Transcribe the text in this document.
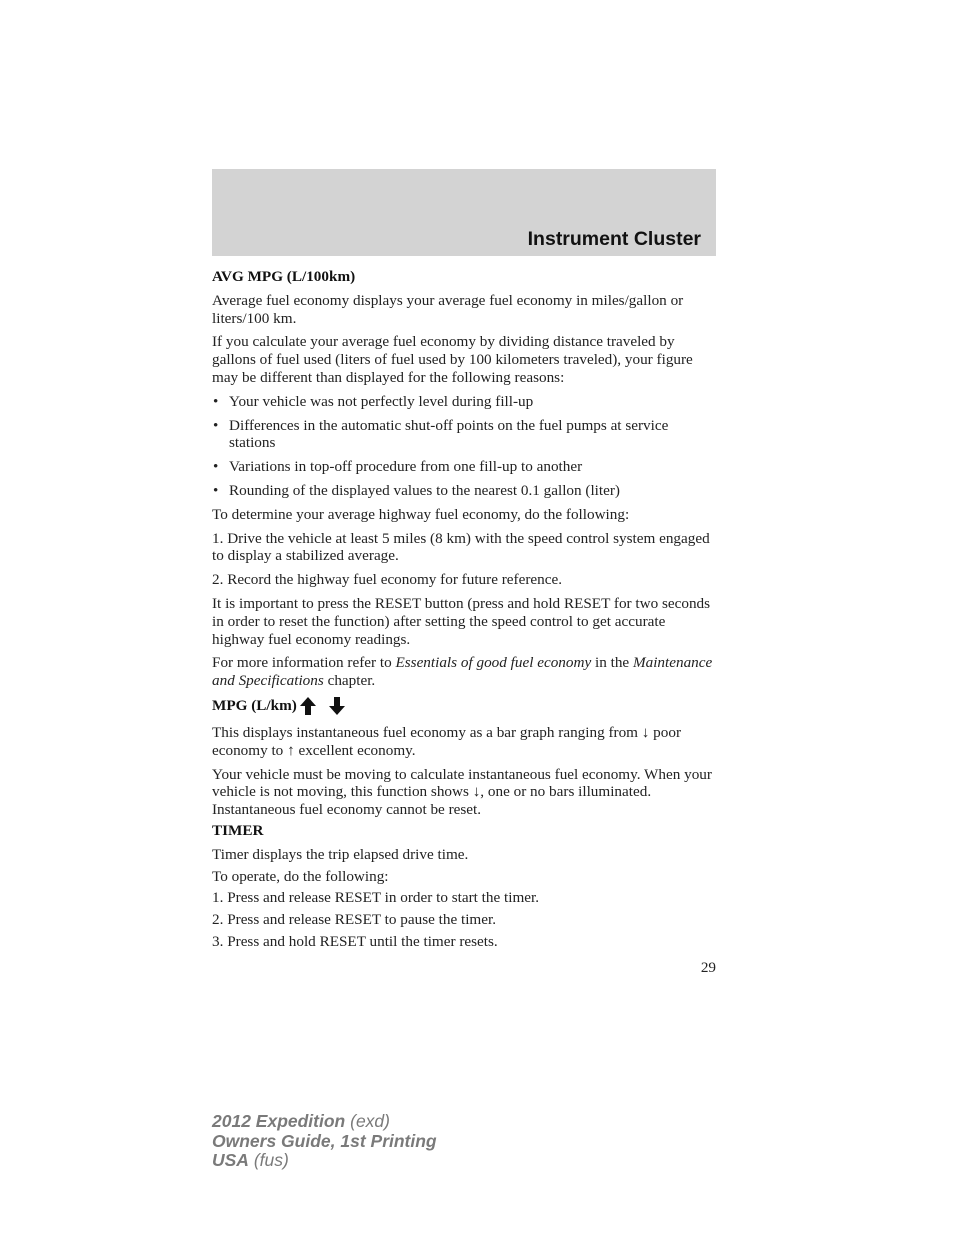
Instrument Cluster
AVG MPG (L/100km)

Average fuel economy displays your average fuel economy in miles/gallon or liters/100 km.

If you calculate your average fuel economy by dividing distance traveled by gallons of fuel used (liters of fuel used by 100 kilometers traveled), your figure may be different than displayed for the following reasons:

• Your vehicle was not perfectly level during fill-up
• Differences in the automatic shut-off points on the fuel pumps at service stations
• Variations in top-off procedure from one fill-up to another
• Rounding of the displayed values to the nearest 0.1 gallon (liter)

To determine your average highway fuel economy, do the following:

1. Drive the vehicle at least 5 miles (8 km) with the speed control system engaged to display a stabilized average.

2. Record the highway fuel economy for future reference.

It is important to press the RESET button (press and hold RESET for two seconds in order to reset the function) after setting the speed control to get accurate highway fuel economy readings.

For more information refer to Essentials of good fuel economy in the Maintenance and Specifications chapter.

MPG (L/km)

This displays instantaneous fuel economy as a bar graph ranging from ↓ poor economy to ↑ excellent economy.

Your vehicle must be moving to calculate instantaneous fuel economy. When your vehicle is not moving, this function shows ↓, one or no bars illuminated. Instantaneous fuel economy cannot be reset.

TIMER

Timer displays the trip elapsed drive time.

To operate, do the following:

1. Press and release RESET in order to start the timer.

2. Press and release RESET to pause the timer.

3. Press and hold RESET until the timer resets.

29
2012 Expedition (exd)
Owners Guide, 1st Printing
USA (fus)
